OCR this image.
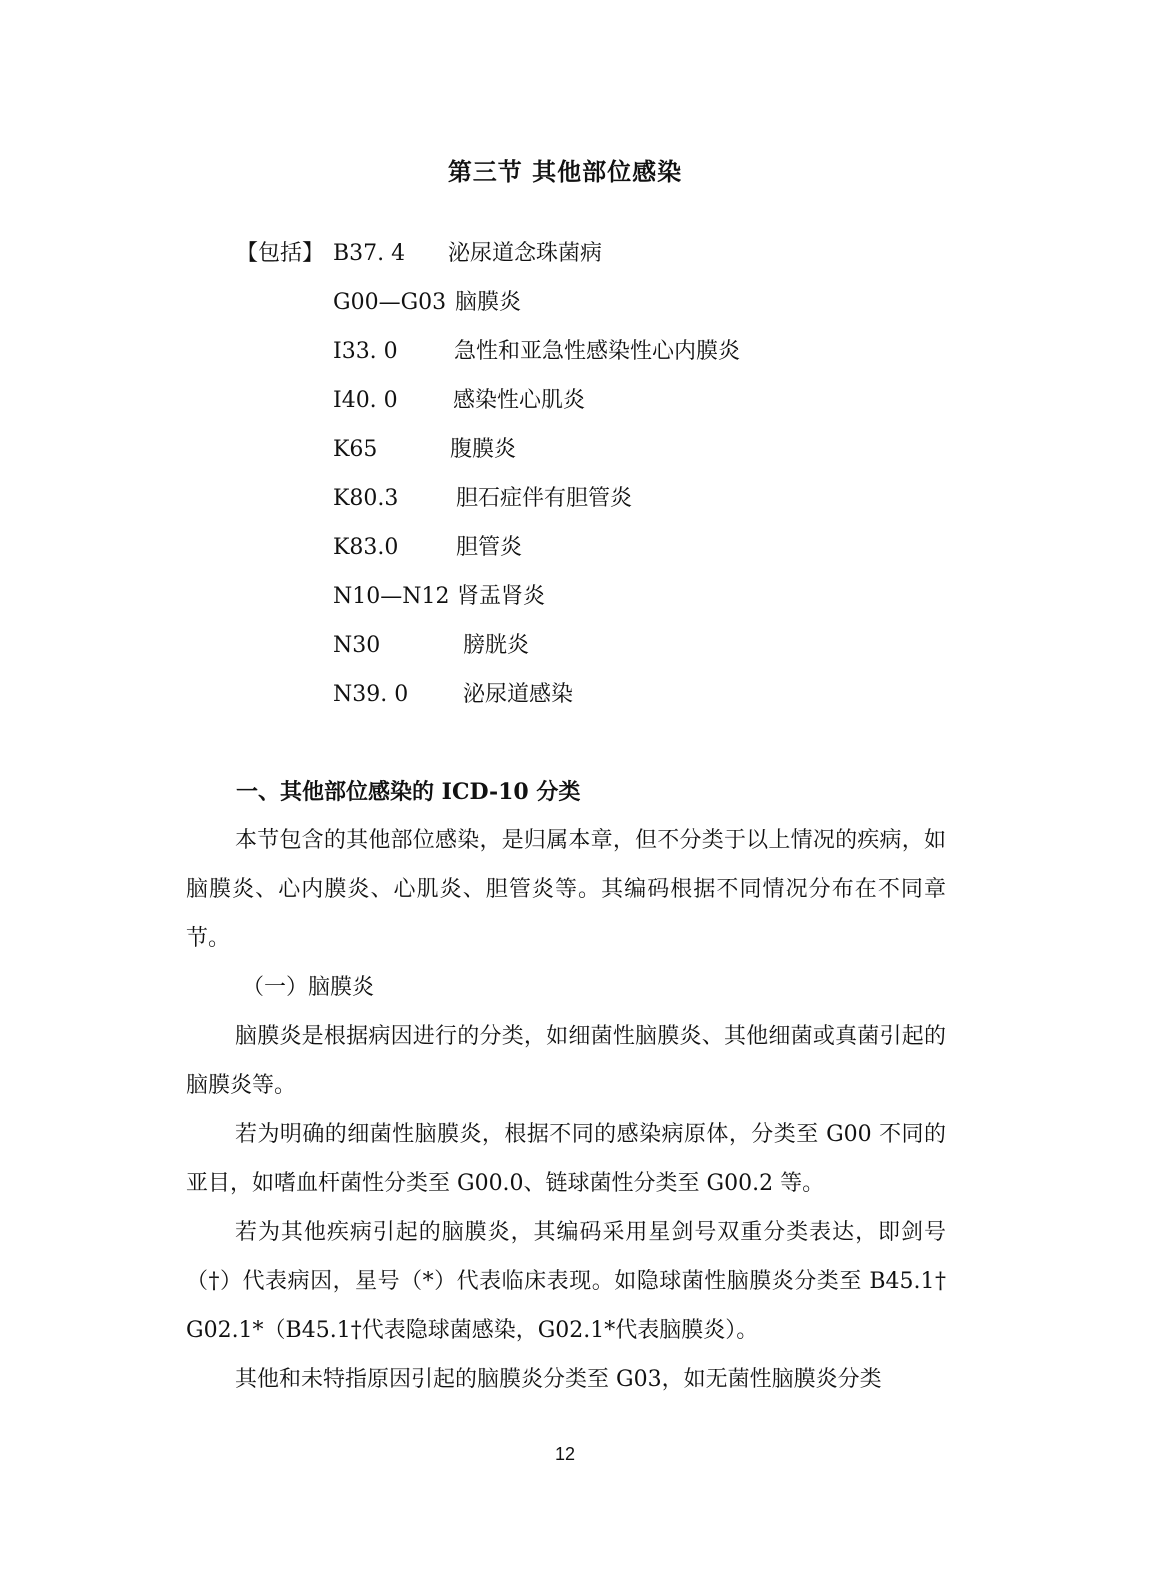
第三节 其他部位感染
【包括】 B37. 4 泌尿道念珠菌病
G00—G03 脑膜炎
I33. 0	急性和亚急性感染性心内膜炎
I40. 0	感染性心肌炎
K65	腹膜炎
K80.3	胆石症伴有胆管炎
K83.0	胆管炎
N10—N12 肾盂肾炎
N30	膀胱炎
N39. 0 泌尿道感染
一、其他部位感染的 ICD-10 分类

本节包含的其他部位感染，是归属本章，但不分类于以上情况的疾病，如脑膜炎、心内膜炎、心肌炎、胆管炎等。其编码根据不同情况分布在不同章节。

（一）脑膜炎

脑膜炎是根据病因进行的分类，如细菌性脑膜炎、其他细菌或真菌引起的脑膜炎等。

若为明确的细菌性脑膜炎，根据不同的感染病原体，分类至 G00 不同的亚目，如嗜血杆菌性分类至 G00.0、链球菌性分类至 G00.2 等。

若为其他疾病引起的脑膜炎，其编码采用星剑号双重分类表达，即剑号（†）代表病因，星号（*）代表临床表现。如隐球菌性脑膜炎分类至 B45.1† G02.1*（B45.1†代表隐球菌感染，G02.1*代表脑膜炎）。

其他和未特指原因引起的脑膜炎分类至 G03，如无菌性脑膜炎分类

12
